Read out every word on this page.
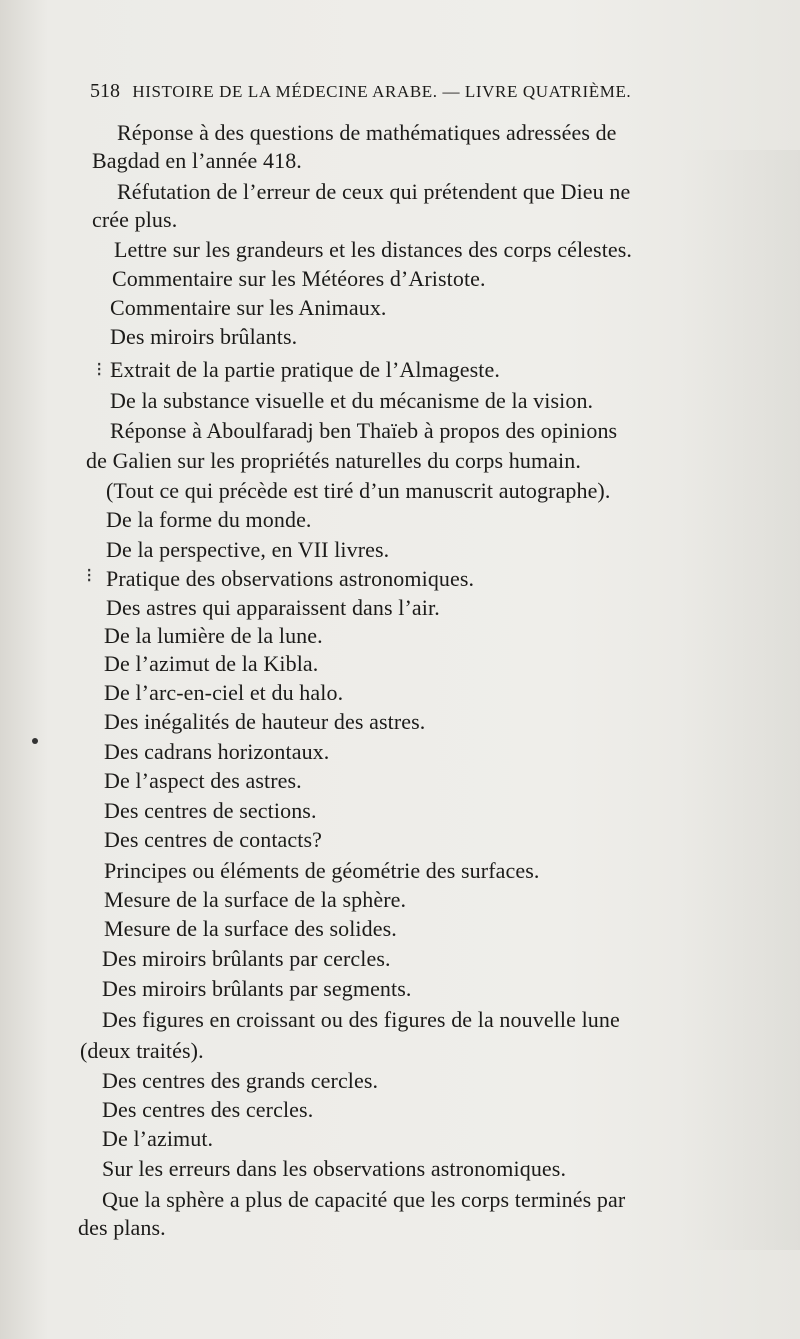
518 HISTOIRE DE LA MÉDECINE ARABE. — LIVRE QUATRIÈME.
Réponse à des questions de mathématiques adressées de
Bagdad en l’année 418.
Réfutation de l’erreur de ceux qui prétendent que Dieu ne
crée plus.
Lettre sur les grandeurs et les distances des corps célestes.
Commentaire sur les Météores d’Aristote.
Commentaire sur les Animaux.
Des miroirs brûlants.
Extrait de la partie pratique de l’Almageste.
De la substance visuelle et du mécanisme de la vision.
Réponse à Aboulfaradj ben Thaïeb à propos des opinions
de Galien sur les propriétés naturelles du corps humain.
(Tout ce qui précède est tiré d’un manuscrit autographe).
De la forme du monde.
De la perspective, en VII livres.
Pratique des observations astronomiques.
Des astres qui apparaissent dans l’air.
De la lumière de la lune.
De l’azimut de la Kibla.
De l’arc-en-ciel et du halo.
Des inégalités de hauteur des astres.
Des cadrans horizontaux.
De l’aspect des astres.
Des centres de sections.
Des centres de contacts?
Principes ou éléments de géométrie des surfaces.
Mesure de la surface de la sphère.
Mesure de la surface des solides.
Des miroirs brûlants par cercles.
Des miroirs brûlants par segments.
Des figures en croissant ou des figures de la nouvelle lune
(deux traités).
Des centres des grands cercles.
Des centres des cercles.
De l’azimut.
Sur les erreurs dans les observations astronomiques.
Que la sphère a plus de capacité que les corps terminés par
des plans.
⁝
⁝
